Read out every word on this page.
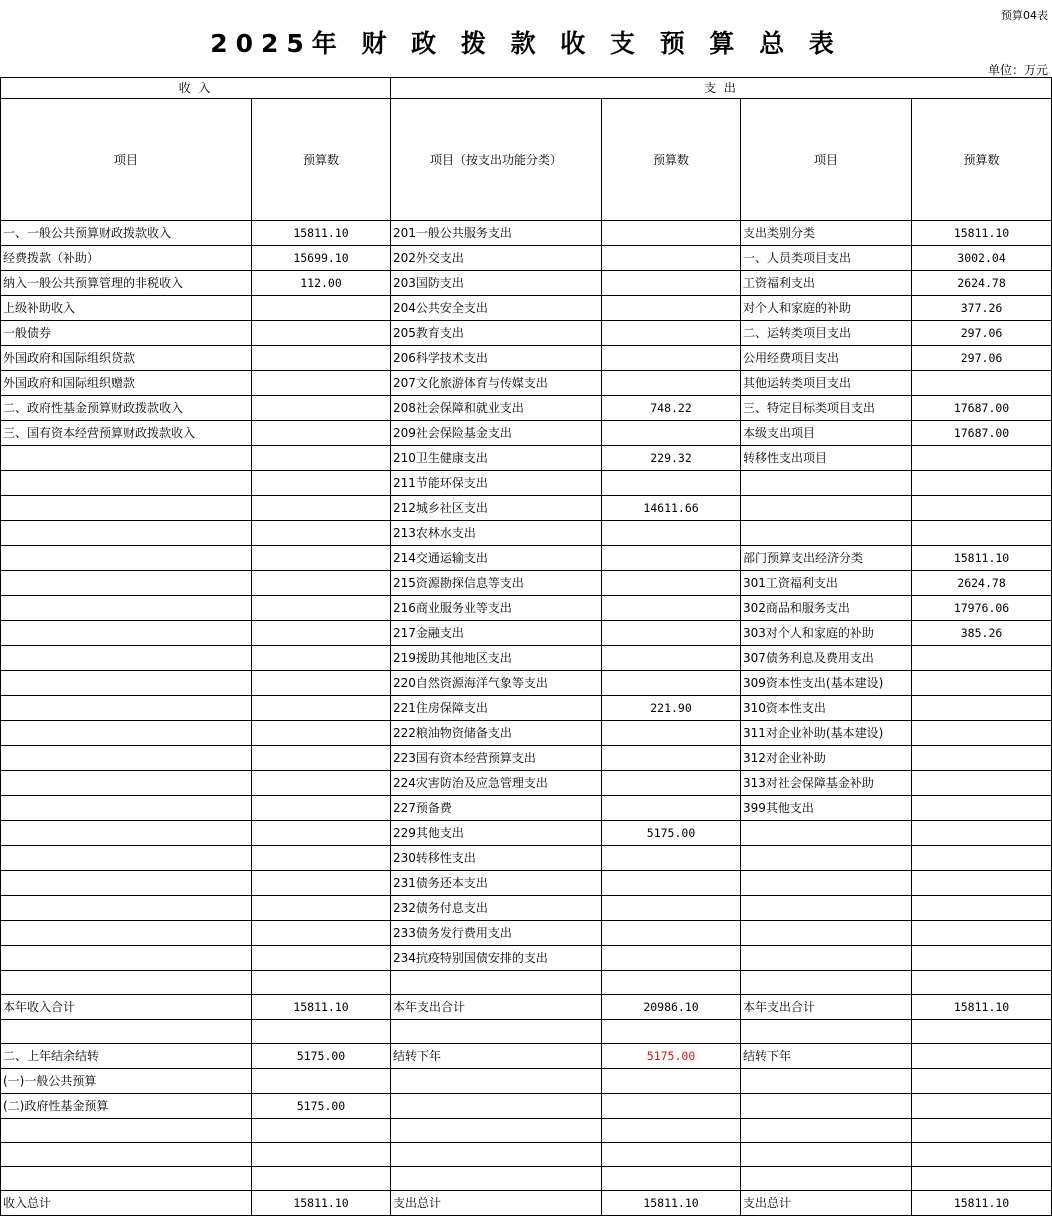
预算04表
2025年 财 政 拨 款 收 支 预 算 总 表
单位：万元
收 入		支 出			
项目	预算数	项目（按支出功能分类）	预算数	项目	预算数
一、一般公共预算财政拨款收入	15811.10	201一般公共服务支出		支出类别分类	15811.10
经费拨款（补助）	15699.10	202外交支出		一、人员类项目支出	3002.04
纳入一般公共预算管理的非税收入	112.00	203国防支出		工资福利支出	2624.78
上级补助收入		204公共安全支出		对个人和家庭的补助	377.26
一般债券		205教育支出		二、运转类项目支出	297.06
外国政府和国际组织贷款		206科学技术支出		公用经费项目支出	297.06
外国政府和国际组织赠款		207文化旅游体育与传媒支出		其他运转类项目支出	
二、政府性基金预算财政拨款收入		208社会保障和就业支出	748.22	三、特定目标类项目支出	17687.00
三、国有资本经营预算财政拨款收入		209社会保险基金支出		本级支出项目	17687.00
		210卫生健康支出	229.32	转移性支出项目	
		211节能环保支出			
		212城乡社区支出	14611.66		
		213农林水支出			
		214交通运输支出		部门预算支出经济分类	15811.10
		215资源勘探信息等支出		301工资福利支出	2624.78
		216商业服务业等支出		302商品和服务支出	17976.06
		217金融支出		303对个人和家庭的补助	385.26
		219援助其他地区支出		307债务利息及费用支出	
		220自然资源海洋气象等支出		309资本性支出(基本建设)	
		221住房保障支出	221.90	310资本性支出	
		222粮油物资储备支出		311对企业补助(基本建设)	
		223国有资本经营预算支出		312对企业补助	
		224灾害防治及应急管理支出		313对社会保障基金补助	
		227预备费		399其他支出	
		229其他支出	5175.00		
		230转移性支出			
		231债务还本支出			
		232债务付息支出			
		233债务发行费用支出			
		234抗疫特别国债安排的支出			

本年收入合计	15811.10	本年支出合计	20986.10	本年支出合计	15811.10

二、上年结余结转	5175.00	结转下年	5175.00	结转下年	
(一)一般公共预算					
(二)政府性基金预算	5175.00				

收入总计	15811.10	支出总计	15811.10	支出总计	15811.10
